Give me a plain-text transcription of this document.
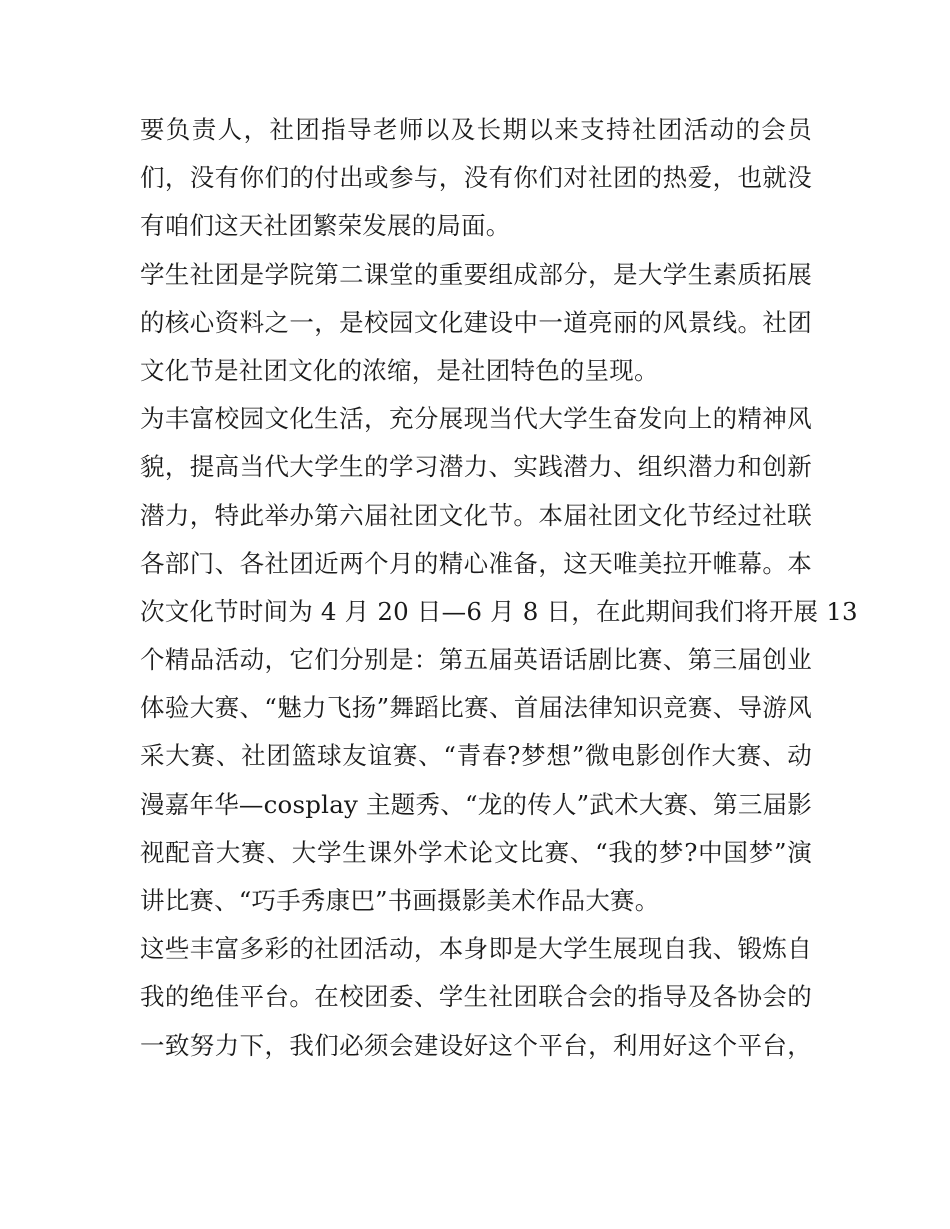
要负责人，社团指导老师以及长期以来支持社团活动的会员
们，没有你们的付出或参与，没有你们对社团的热爱，也就没
有咱们这天社团繁荣发展的局面。
学生社团是学院第二课堂的重要组成部分，是大学生素质拓展
的核心资料之一，是校园文化建设中一道亮丽的风景线。社团
文化节是社团文化的浓缩，是社团特色的呈现。
为丰富校园文化生活，充分展现当代大学生奋发向上的精神风
貌，提高当代大学生的学习潜力、实践潜力、组织潜力和创新
潜力，特此举办第六届社团文化节。本届社团文化节经过社联
各部门、各社团近两个月的精心准备，这天唯美拉开帷幕。本
次文化节时间为 4 月 20 日—6 月 8 日，在此期间我们将开展 13
个精品活动，它们分别是：第五届英语话剧比赛、第三届创业
体验大赛、“魅力飞扬”舞蹈比赛、首届法律知识竞赛、导游风
采大赛、社团篮球友谊赛、“青春?梦想”微电影创作大赛、动
漫嘉年华—cosplay 主题秀、“龙的传人”武术大赛、第三届影
视配音大赛、大学生课外学术论文比赛、“我的梦?中国梦”演
讲比赛、“巧手秀康巴”书画摄影美术作品大赛。
这些丰富多彩的社团活动，本身即是大学生展现自我、锻炼自
我的绝佳平台。在校团委、学生社团联合会的指导及各协会的
一致努力下，我们必须会建设好这个平台，利用好这个平台，
